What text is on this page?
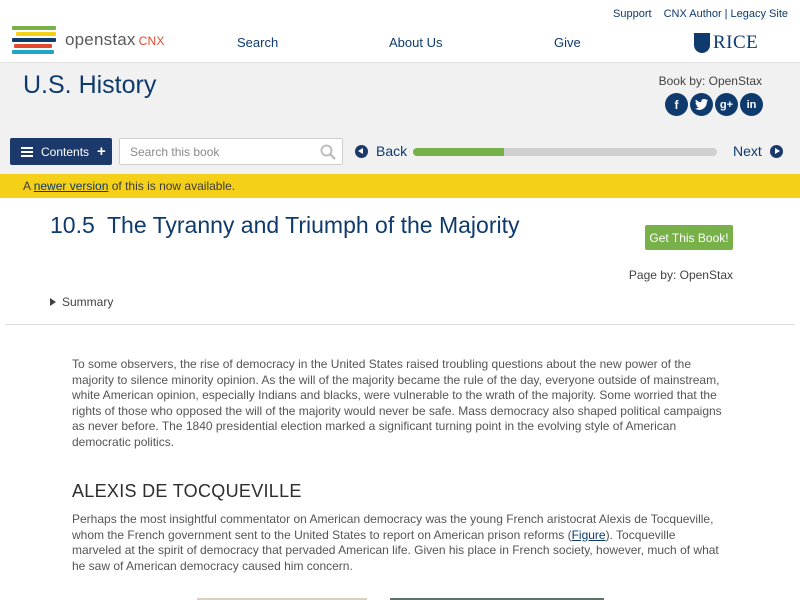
openstax CNX
Support CNX Author | Legacy Site
Search	About Us	Give	RICE
U.S. History	Book by: OpenStax
f	g+	in
Contents +
Search this book	Back	Next
A newer version of this is now available.
10.5 The Tyranny and Triumph of the Majority	Get This Book!
Page by: OpenStax
Summary

To some observers, the rise of democracy in the United States raised troubling questions about the new power of the majority to silence minority opinion. As the will of the majority became the rule of the day, everyone outside of mainstream, white American opinion, especially Indians and blacks, were vulnerable to the wrath of the majority. Some worried that the rights of those who opposed the will of the majority would never be safe. Mass democracy also shaped political campaigns as never before. The 1840 presidential election marked a significant turning point in the evolving style of American democratic politics.

ALEXIS DE TOCQUEVILLE

Perhaps the most insightful commentator on American democracy was the young French aristocrat Alexis de Tocqueville, whom the French government sent to the United States to report on American prison reforms (Figure). Tocqueville marveled at the spirit of democracy that pervaded American life. Given his place in French society, however, much of what he saw of American democracy caused him concern.
